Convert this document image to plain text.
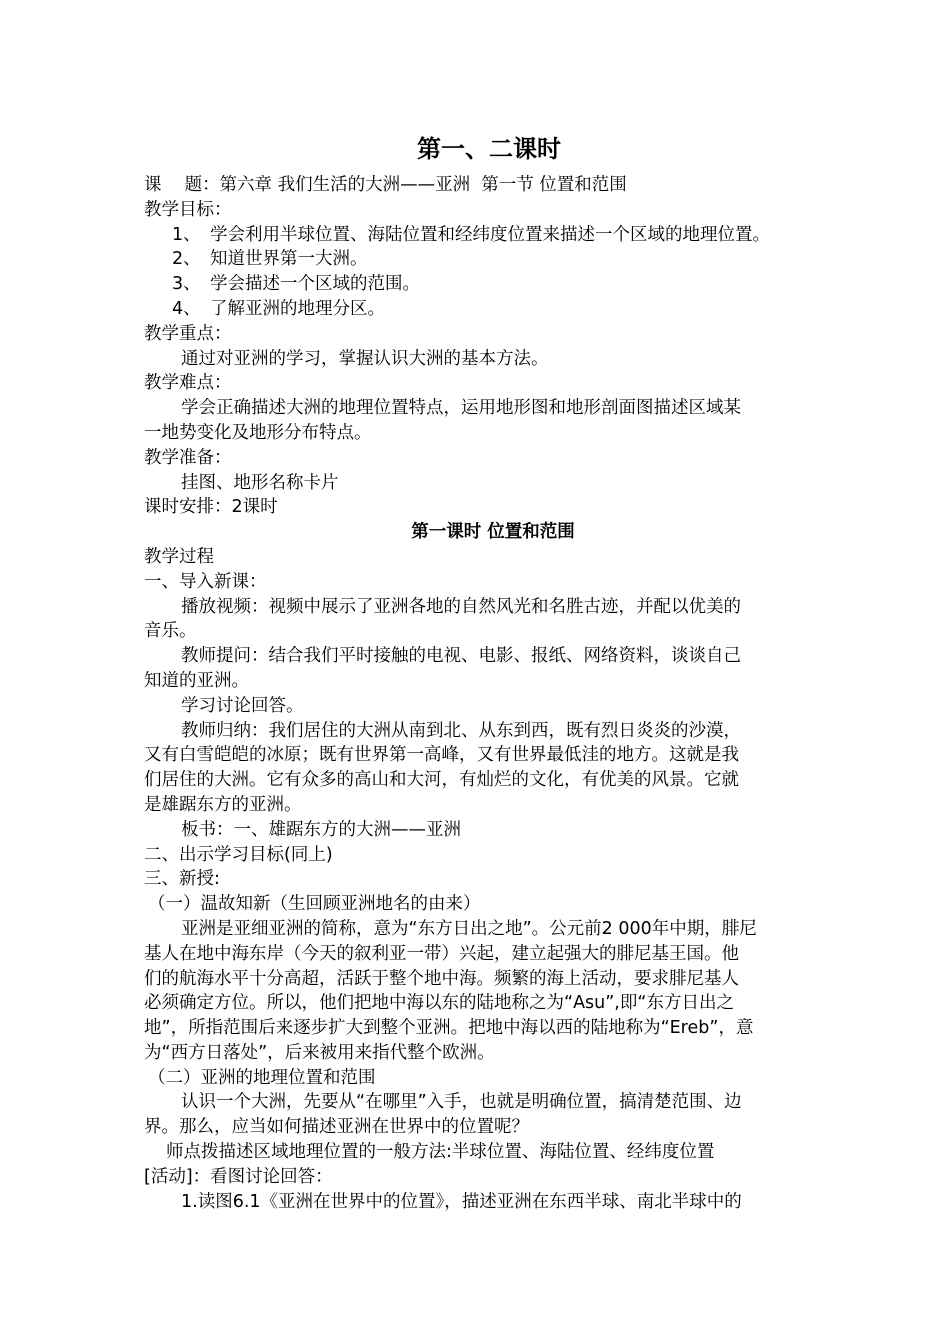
第一、二课时
课　 题：第六章 我们生活的大洲——亚洲  第一节 位置和范围
教学目标：
1、 学会利用半球位置、海陆位置和经纬度位置来描述一个区域的地理位置。
2、 知道世界第一大洲。
3、 学会描述一个区域的范围。
4、 了解亚洲的地理分区。
教学重点：
通过对亚洲的学习，掌握认识大洲的基本方法。
教学难点：
学会正确描述大洲的地理位置特点，运用地形图和地形剖面图描述区域某
一地势变化及地形分布特点。
教学准备：
挂图、地形名称卡片
课时安排：2课时
第一课时 位置和范围
教学过程
一、导入新课：
播放视频：视频中展示了亚洲各地的自然风光和名胜古迹，并配以优美的
音乐。
教师提问：结合我们平时接触的电视、电影、报纸、网络资料，谈谈自己
知道的亚洲。
学习讨论回答。
教师归纳：我们居住的大洲从南到北、从东到西，既有烈日炎炎的沙漠，
又有白雪皑皑的冰原；既有世界第一高峰，又有世界最低洼的地方。这就是我
们居住的大洲。它有众多的高山和大河，有灿烂的文化，有优美的风景。它就
是雄踞东方的亚洲。
板书：一、雄踞东方的大洲——亚洲
二、出示学习目标(同上)
三、新授:
（一）温故知新（生回顾亚洲地名的由来）
亚洲是亚细亚洲的简称，意为“东方日出之地”。公元前2 000年中期，腓尼
基人在地中海东岸（今天的叙利亚一带）兴起，建立起强大的腓尼基王国。他
们的航海水平十分高超，活跃于整个地中海。频繁的海上活动，要求腓尼基人
必须确定方位。所以，他们把地中海以东的陆地称之为“Asu”,即“东方日出之
地”，所指范围后来逐步扩大到整个亚洲。把地中海以西的陆地称为“Ereb”，意
为“西方日落处”，后来被用来指代整个欧洲。
（二）亚洲的地理位置和范围
认识一个大洲，先要从“在哪里”入手，也就是明确位置，搞清楚范围、边
界。那么，应当如何描述亚洲在世界中的位置呢？
师点拨描述区域地理位置的一般方法:半球位置、海陆位置、经纬度位置
[活动]：看图讨论回答：
1.读图6.1《亚洲在世界中的位置》，描述亚洲在东西半球、南北半球中的
